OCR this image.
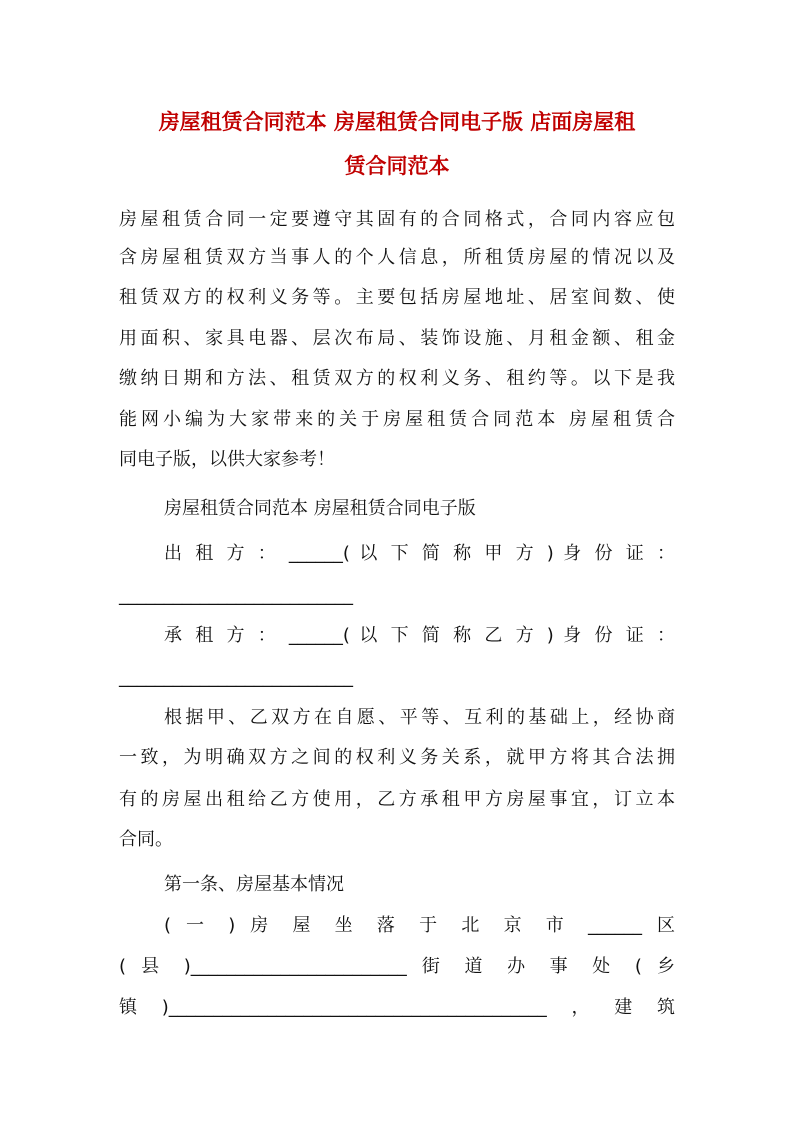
房屋租赁合同范本 房屋租赁合同电子版 店面房屋租
赁合同范本
房屋租赁合同一定要遵守其固有的合同格式，合同内容应包
含房屋租赁双方当事人的个人信息，所租赁房屋的情况以及
租赁双方的权利义务等。主要包括房屋地址、居室间数、使
用面积、家具电器、层次布局、装饰设施、月租金额、租金
缴纳日期和方法、租赁双方的权利义务、租约等。以下是我
能网小编为大家带来的关于房屋租赁合同范本 房屋租赁合
同电子版，以供大家参考！
房屋租赁合同范本 房屋租赁合同电子版
出 租 方 ： ______( 以 下 简 称 甲 方 ) 身 份 证 ：
__________________________
承 租 方 ： ______( 以 下 简 称 乙 方 ) 身 份 证 ：
__________________________
根据甲、乙双方在自愿、平等、互利的基础上，经协商
一致，为明确双方之间的权利义务关系，就甲方将其合法拥
有的房屋出租给乙方使用，乙方承租甲方房屋事宜，订立本
合同。
第一条、房屋基本情况
( 一 ) 房 屋 坐 落 于 北 京 市 ______ 区
( 县 )________________________ 街 道 办 事 处 ( 乡
镇)__________________________________________，建筑
